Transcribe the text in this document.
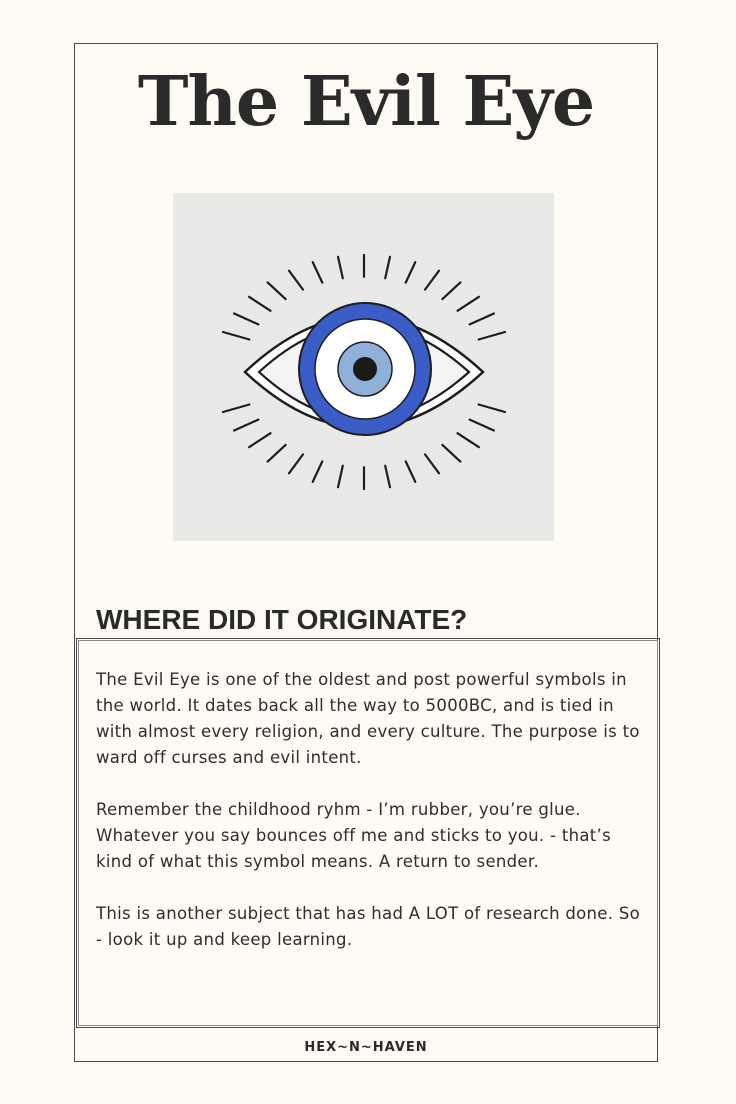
The Evil Eye
WHERE DID IT ORIGINATE?

The Evil Eye is one of the oldest and post powerful symbols in the world. It dates back all the way to 5000BC, and is tied in with almost every religion, and every culture. The purpose is to ward off curses and evil intent.

Remember the childhood ryhm - I’m rubber, you’re glue. Whatever you say bounces off me and sticks to you. - that’s kind of what this symbol means. A return to sender.

This is another subject that has had A LOT of research done. So - look it up and keep learning.

HEX~N~HAVEN
